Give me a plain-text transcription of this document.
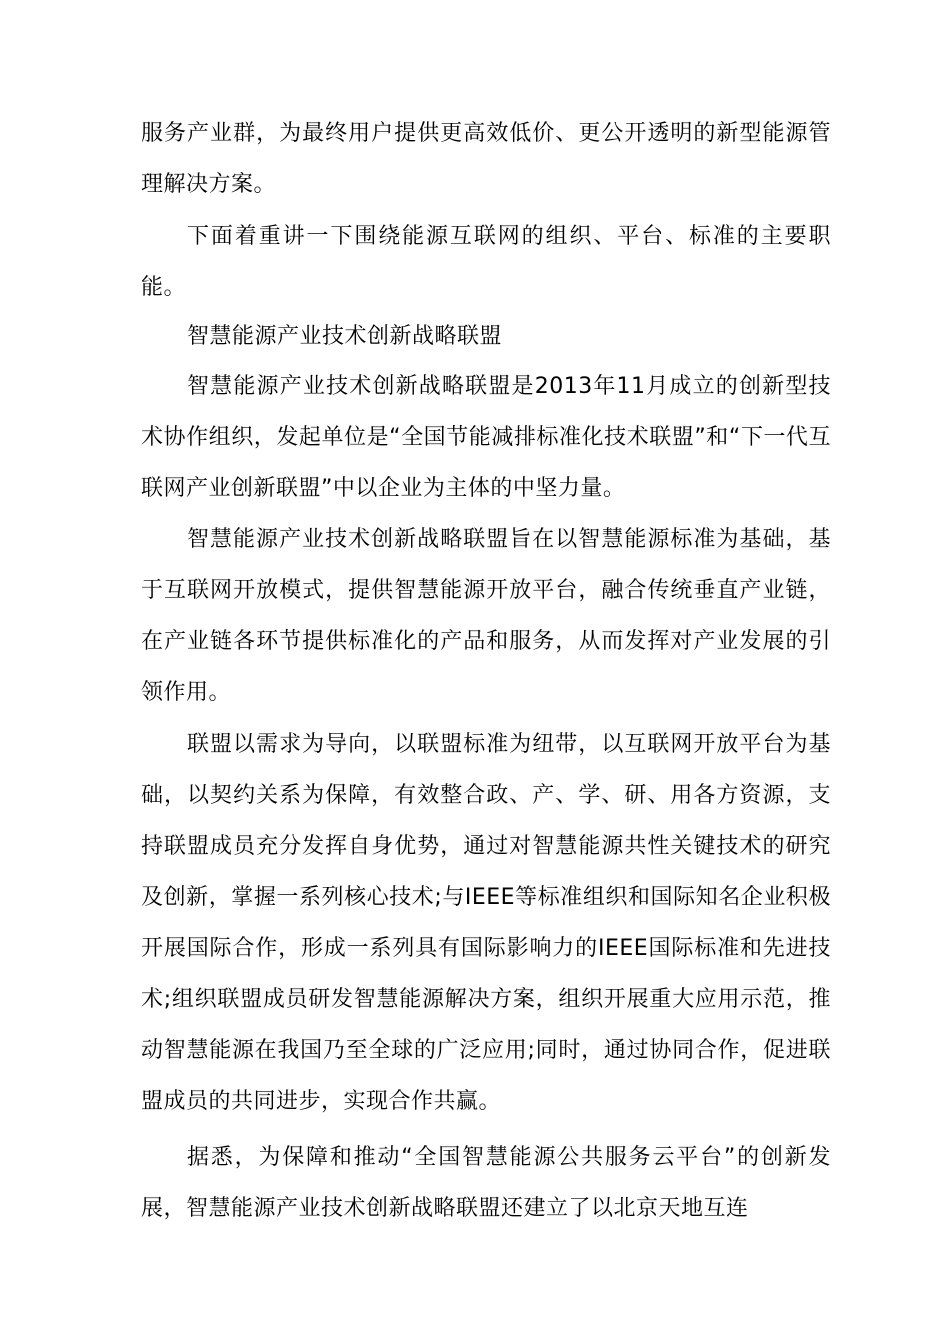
服务产业群，为最终用户提供更高效低价、更公开透明的新型能源管理解决方案。

下面着重讲一下围绕能源互联网的组织、平台、标准的主要职能。

智慧能源产业技术创新战略联盟

智慧能源产业技术创新战略联盟是2013年11月成立的创新型技术协作组织，发起单位是“全国节能减排标准化技术联盟”和“下一代互联网产业创新联盟”中以企业为主体的中坚力量。

智慧能源产业技术创新战略联盟旨在以智慧能源标准为基础，基于互联网开放模式，提供智慧能源开放平台，融合传统垂直产业链，在产业链各环节提供标准化的产品和服务，从而发挥对产业发展的引领作用。

联盟以需求为导向，以联盟标准为纽带，以互联网开放平台为基础，以契约关系为保障，有效整合政、产、学、研、用各方资源，支持联盟成员充分发挥自身优势，通过对智慧能源共性关键技术的研究及创新，掌握一系列核心技术;与IEEE等标准组织和国际知名企业积极开展国际合作，形成一系列具有国际影响力的IEEE国际标准和先进技术;组织联盟成员研发智慧能源解决方案，组织开展重大应用示范，推动智慧能源在我国乃至全球的广泛应用;同时，通过协同合作，促进联盟成员的共同进步，实现合作共赢。

据悉，为保障和推动“全国智慧能源公共服务云平台”的创新发展，智慧能源产业技术创新战略联盟还建立了以北京天地互连
